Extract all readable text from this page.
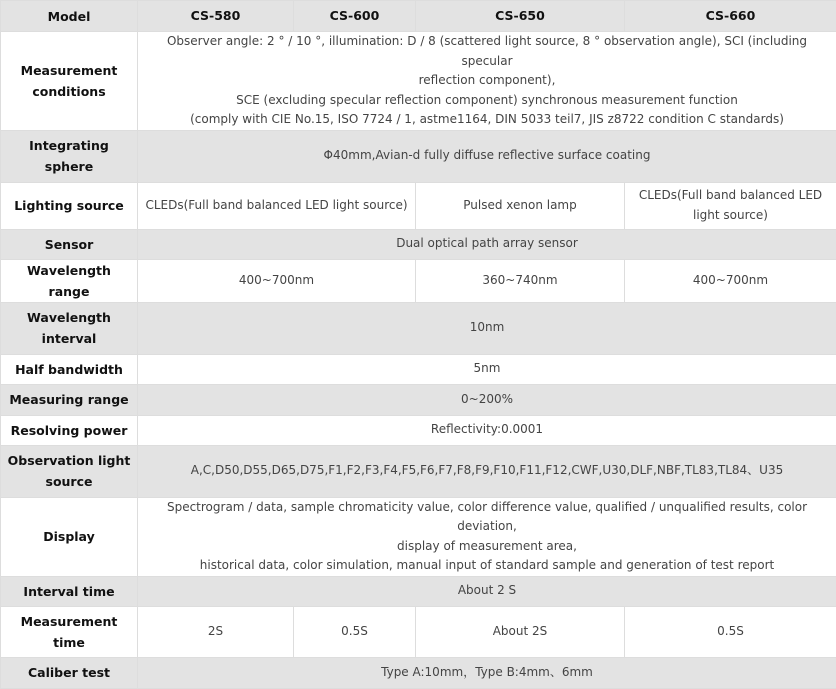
Model	CS-580	CS-600	CS-650	CS-660
Measurement conditions	Observer angle: 2 ° / 10 °, illumination: D / 8 (scattered light source, 8 ° observation angle), SCI (including specular
reflection component),
SCE (excluding specular reflection component) synchronous measurement function
(comply with CIE No.15, ISO 7724 / 1, astme1164, DIN 5033 teil7, JIS z8722 condition C standards)			

Integrating sphere	Φ40mm,Avian-d fully diffuse reflective surface coating			
Lighting source	CLEDs(Full band balanced LED light source)		Pulsed xenon lamp	CLEDs(Full band balanced LED light source)
Sensor	Dual optical path array sensor			
Wavelength range	400~700nm		360~740nm	400~700nm
Wavelength interval	10nm			
Half bandwidth	5nm			
Measuring range	0~200%			
Resolving power	Reflectivity:0.0001			
Observation light source	A,C,D50,D55,D65,D75,F1,F2,F3,F4,F5,F6,F7,F8,F9,F10,F11,F12,CWF,U30,DLF,NBF,TL83,TL84、U35			
Display	Spectrogram / data, sample chromaticity value, color difference value, qualified / unqualified results, color deviation,
display of measurement area,
historical data, color simulation, manual input of standard sample and generation of test report			

Interval time	About 2 S			
Measurement time	2S	0.5S	About 2S	0.5S
Caliber test	Type A:10mm，Type B:4mm、6mm			
